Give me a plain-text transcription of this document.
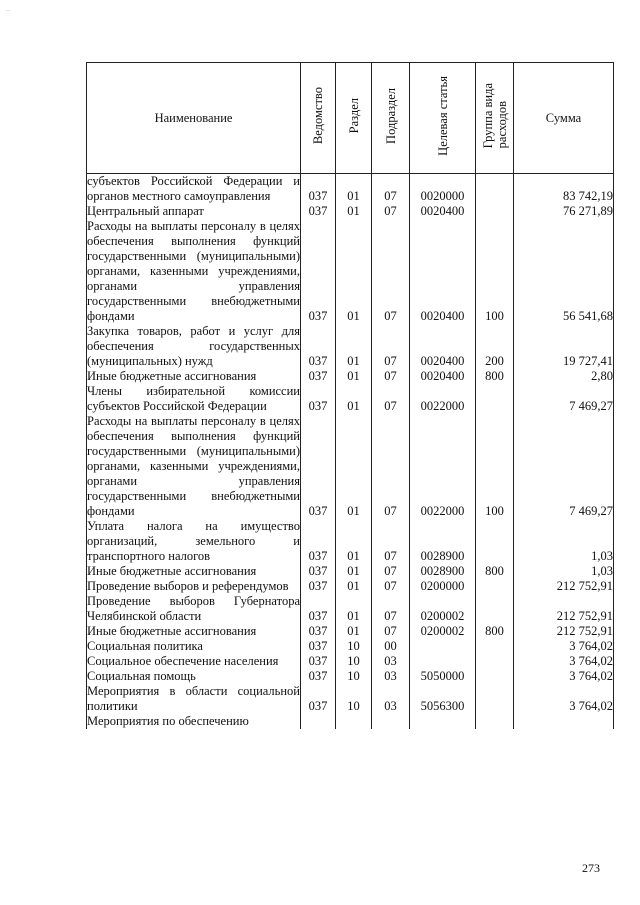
..
Наименование	Ведомство	Раздел	Подраздел	Целевая статья	Группа видарасходов	Сумма
субъектов Российской Федерации и органов местного самоуправления	037	01	07	0020000		83 742,19
Центральный аппарат	037	01	07	0020400		76 271,89
Расходы на выплаты персоналу в целях обеспечения выполнения функций государственными (муниципальными) органами, казенными учреждениями, органами управления государственными внебюджетными фондами	037	01	07	0020400	100	56 541,68
Закупка товаров, работ и услуг для обеспечения государственных (муниципальных) нужд	037	01	07	0020400	200	19 727,41
Иные бюджетные ассигнования	037	01	07	0020400	800	2,80
Члены избирательной комиссии субъектов Российской Федерации	037	01	07	0022000		7 469,27
Расходы на выплаты персоналу в целях обеспечения выполнения функций государственными (муниципальными) органами, казенными учреждениями, органами управления государственными внебюджетными фондами	037	01	07	0022000	100	7 469,27
Уплата налога на имущество организаций, земельного и транспортного налогов	037	01	07	0028900		1,03
Иные бюджетные ассигнования	037	01	07	0028900	800	1,03
Проведение выборов и референдумов	037	01	07	0200000		212 752,91
Проведение выборов Губернатора Челябинской области	037	01	07	0200002		212 752,91
Иные бюджетные ассигнования	037	01	07	0200002	800	212 752,91
Социальная политика	037	10	00			3 764,02
Социальное обеспечение населения	037	10	03			3 764,02
Социальная помощь	037	10	03	5050000		3 764,02
Мероприятия в области социальной политики	037	10	03	5056300		3 764,02
Мероприятия по обеспечению						
273
